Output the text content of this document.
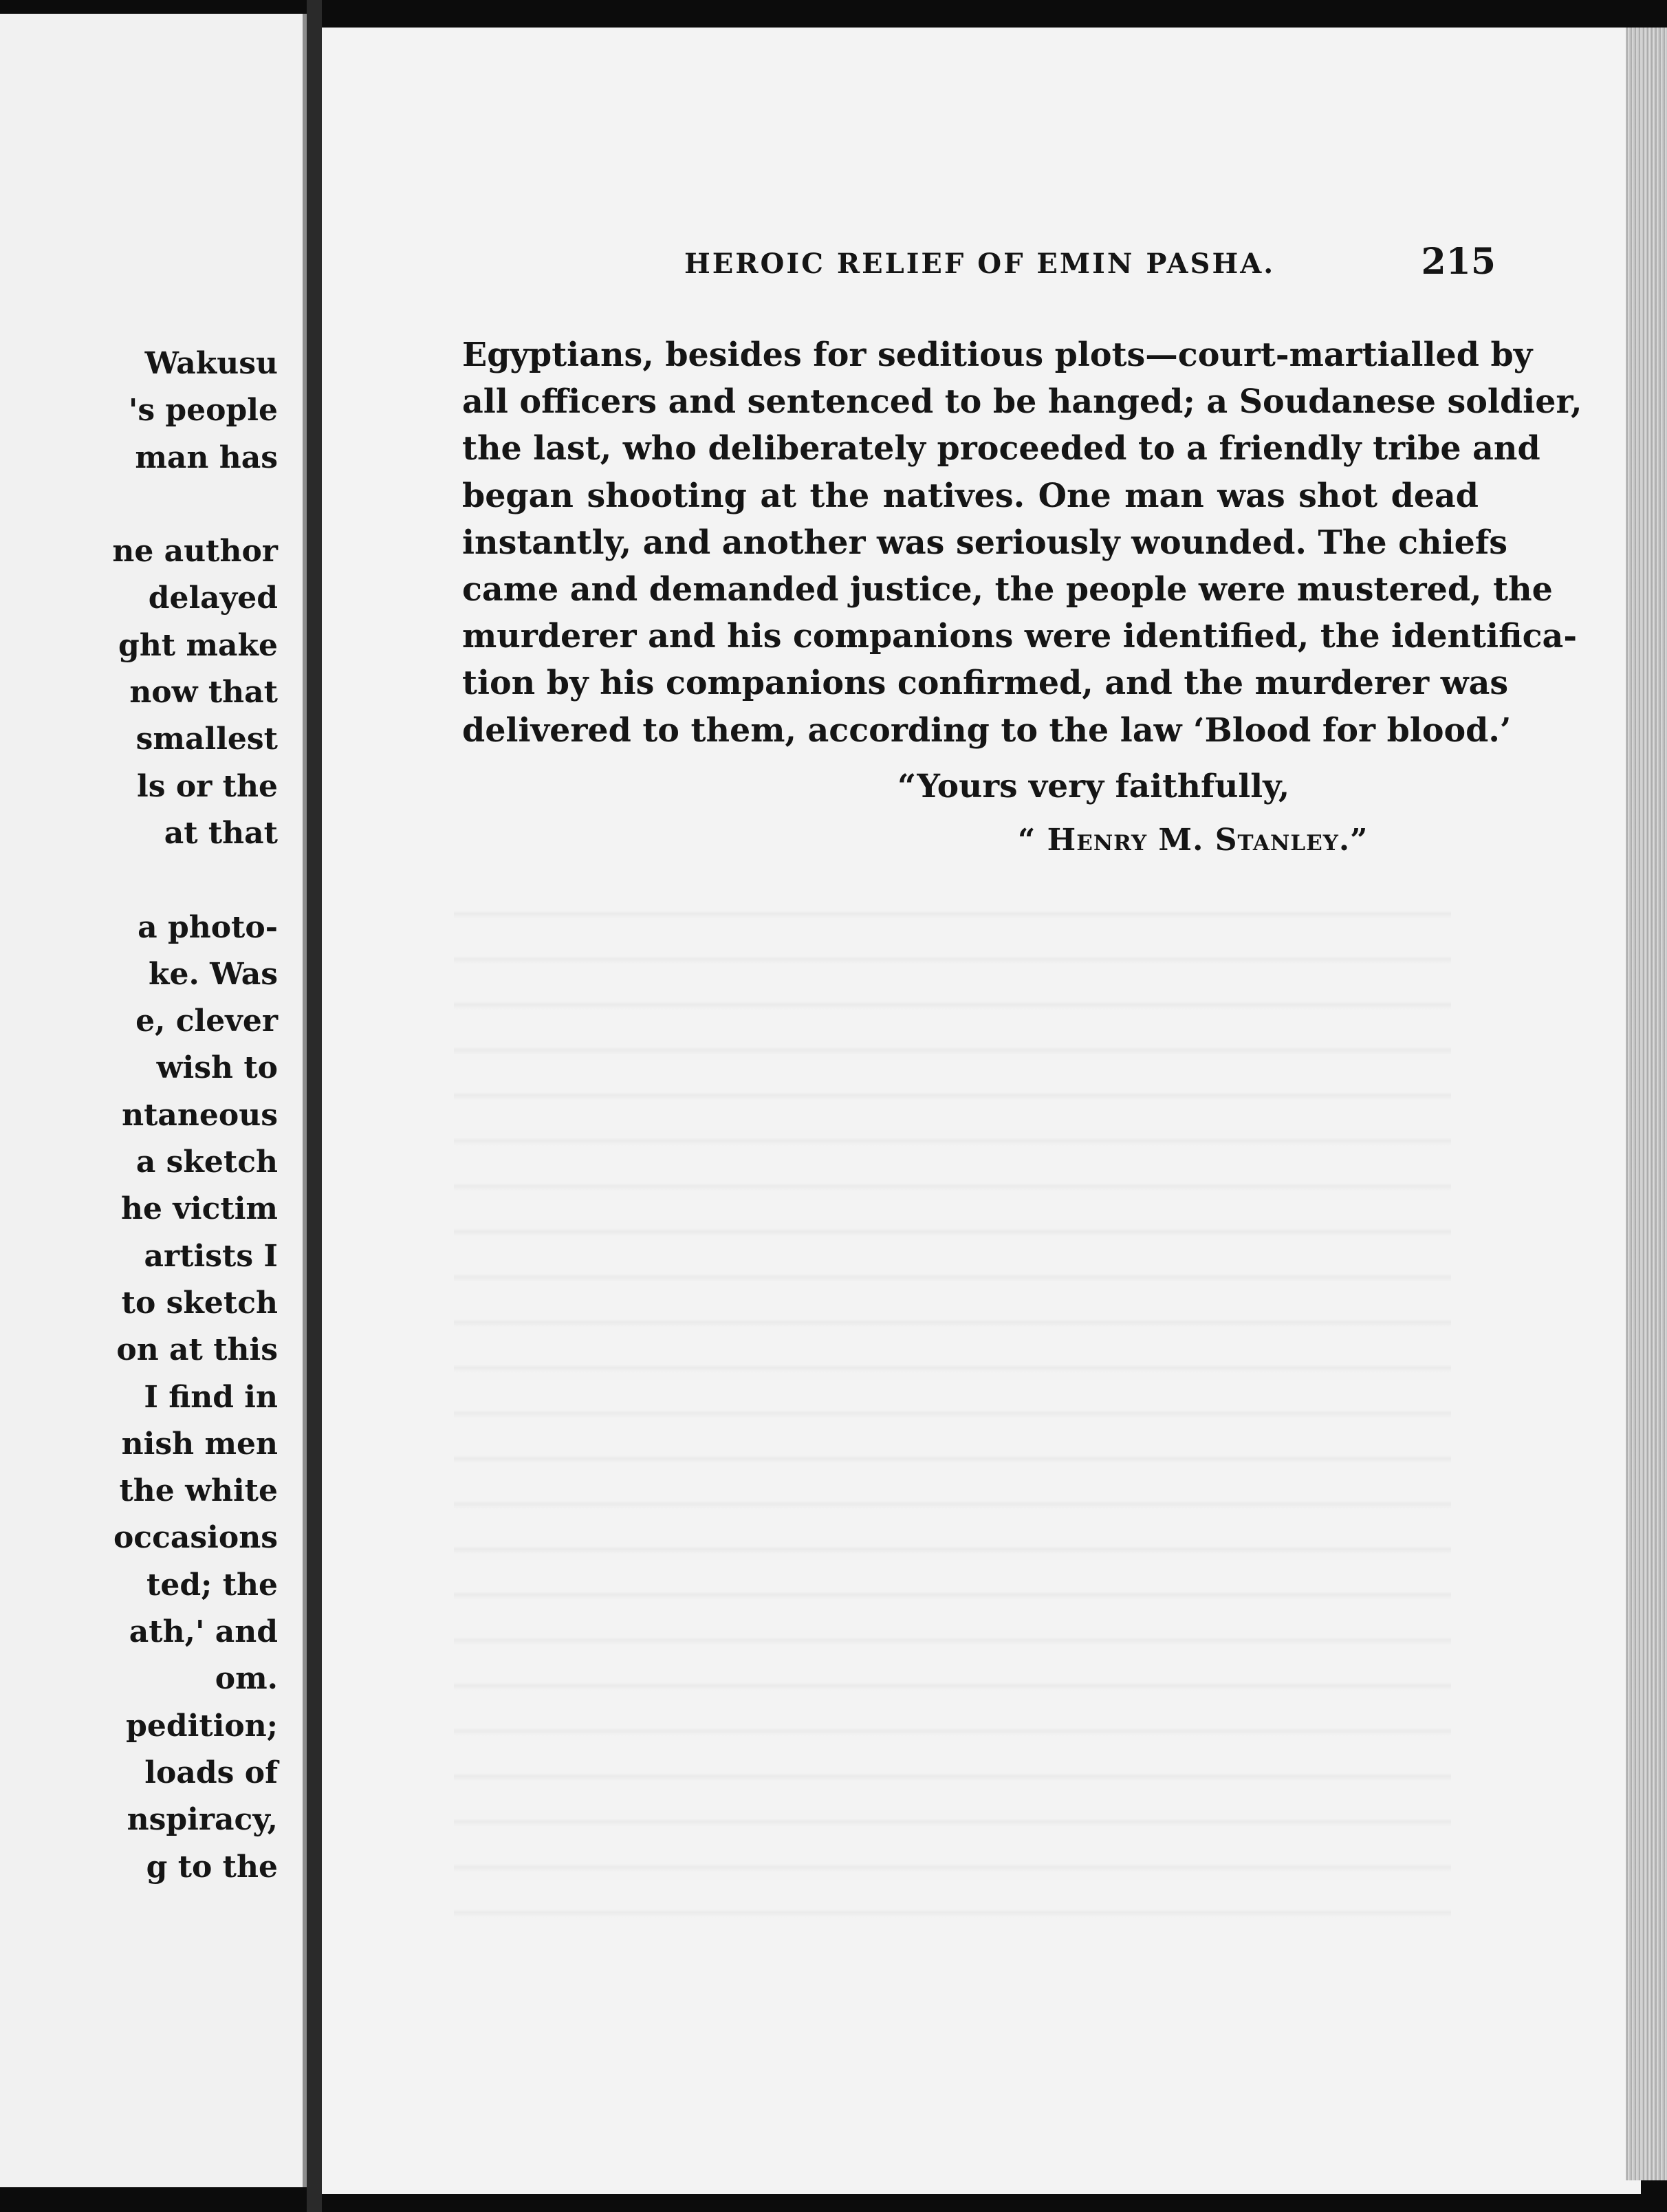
Wakusu
's people
man has

ne author
delayed
ght make
now that
smallest
ls or the
at that

a photo-
ke. Was
e, clever
wish to
ntaneous
a sketch
he victim
artists I
to sketch
on at this
I find in
nish men
the white
occasions
ted; the
ath,' and
om.
pedition;
loads of
nspiracy,
g to the
HEROIC RELIEF OF EMIN PASHA.	215
Egyptians, besides for seditious plots—court-martialled by
all officers and sentenced to be hanged; a Soudanese soldier,
the last, who deliberately proceeded to a friendly tribe and
began shooting at the natives. One man was shot dead
instantly, and another was seriously wounded. The chiefs
came and demanded justice, the people were mustered, the
murderer and his companions were identified, the identifica-
tion by his companions confirmed, and the murderer was
delivered to them, according to the law ‘Blood for blood.’
“Yours very faithfully,
“ Henry M. Stanley.”
